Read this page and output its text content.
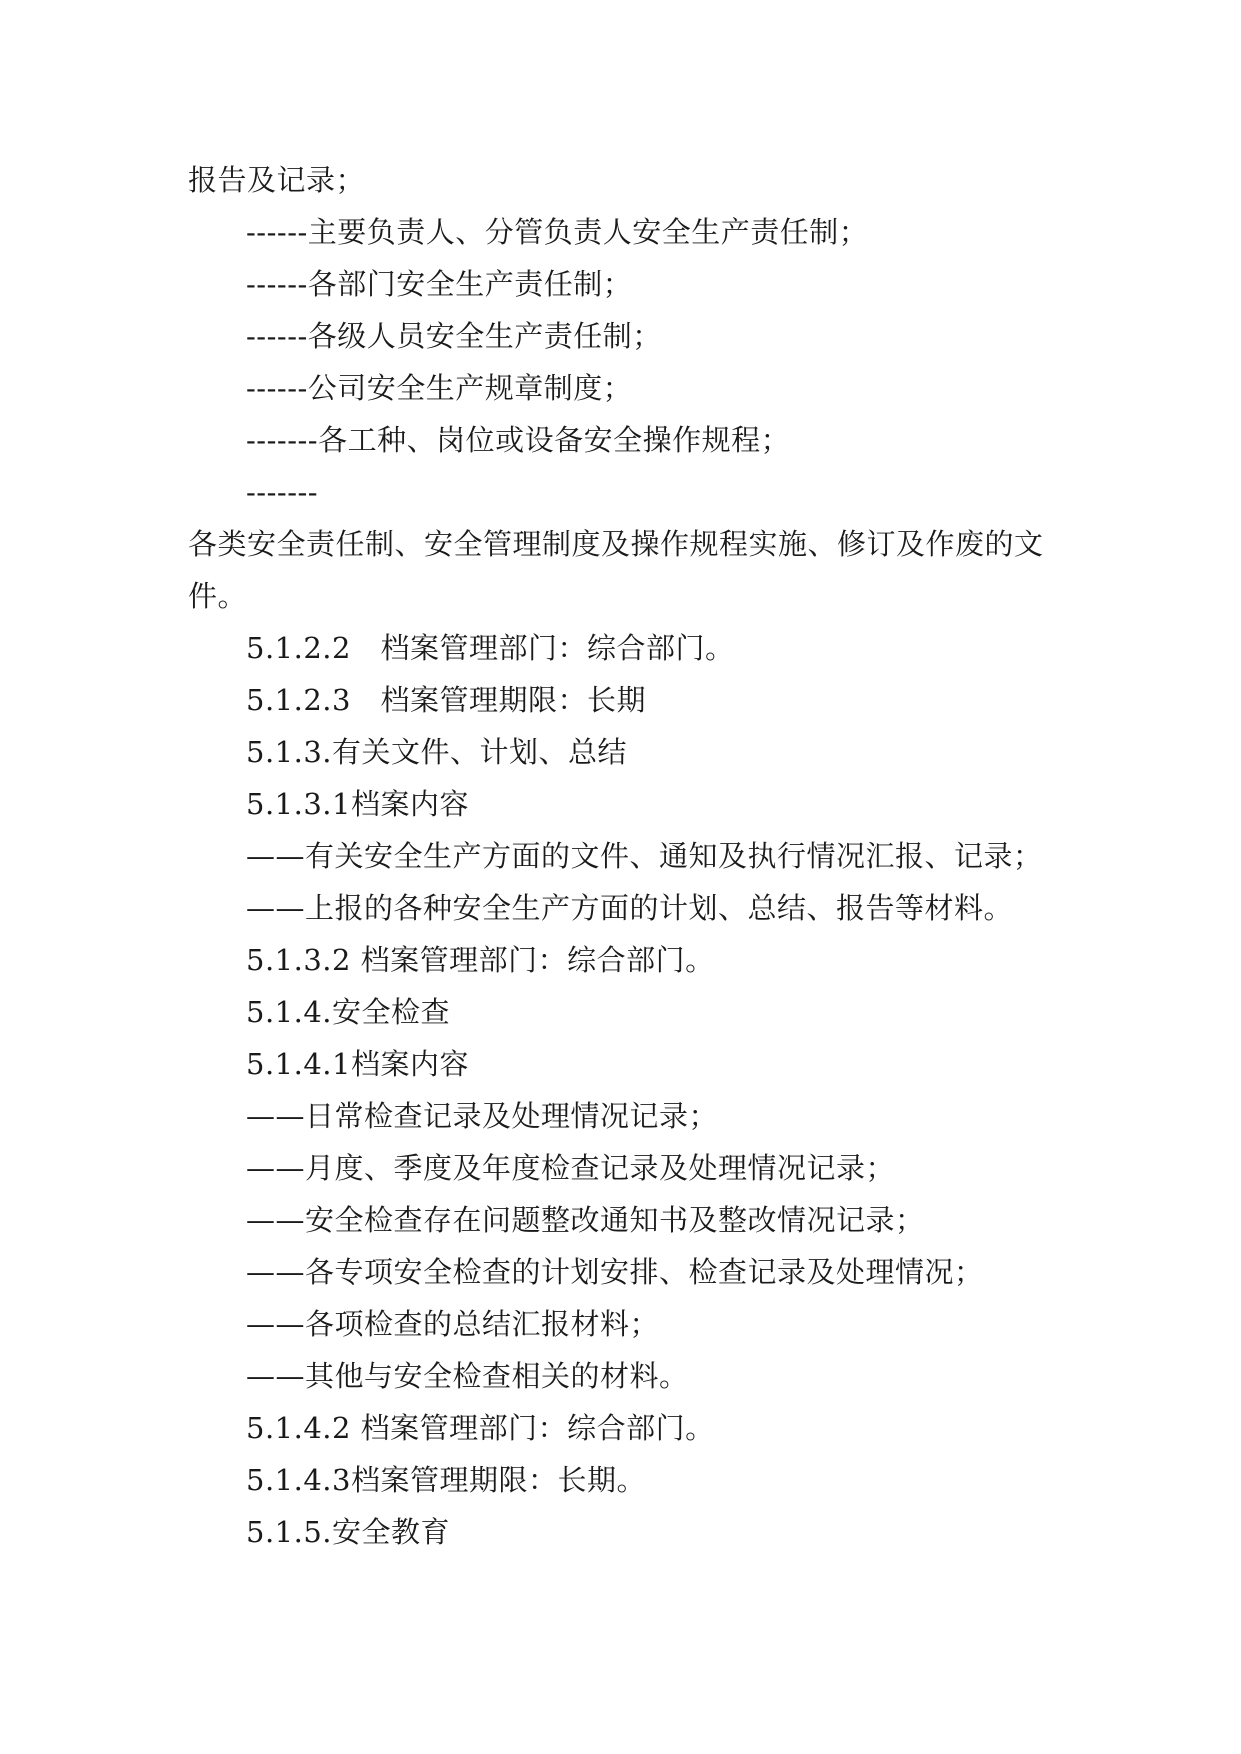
报告及记录；
------主要负责人、分管负责人安全生产责任制；
------各部门安全生产责任制；
------各级人员安全生产责任制；
------公司安全生产规章制度；
-------各工种、岗位或设备安全操作规程；
-------
各类安全责任制、安全管理制度及操作规程实施、修订及作废的文
件。
5.1.2.2　档案管理部门：综合部门。
5.1.2.3　档案管理期限：长期
5.1.3.有关文件、计划、总结
5.1.3.1档案内容
——有关安全生产方面的文件、通知及执行情况汇报、记录；
——上报的各种安全生产方面的计划、总结、报告等材料。
5.1.3.2 档案管理部门：综合部门。
5.1.4.安全检查
5.1.4.1档案内容
——日常检查记录及处理情况记录；
——月度、季度及年度检查记录及处理情况记录；
——安全检查存在问题整改通知书及整改情况记录；
——各专项安全检查的计划安排、检查记录及处理情况；
——各项检查的总结汇报材料；
——其他与安全检查相关的材料。
5.1.4.2 档案管理部门：综合部门。
5.1.4.3档案管理期限：长期。
5.1.5.安全教育
